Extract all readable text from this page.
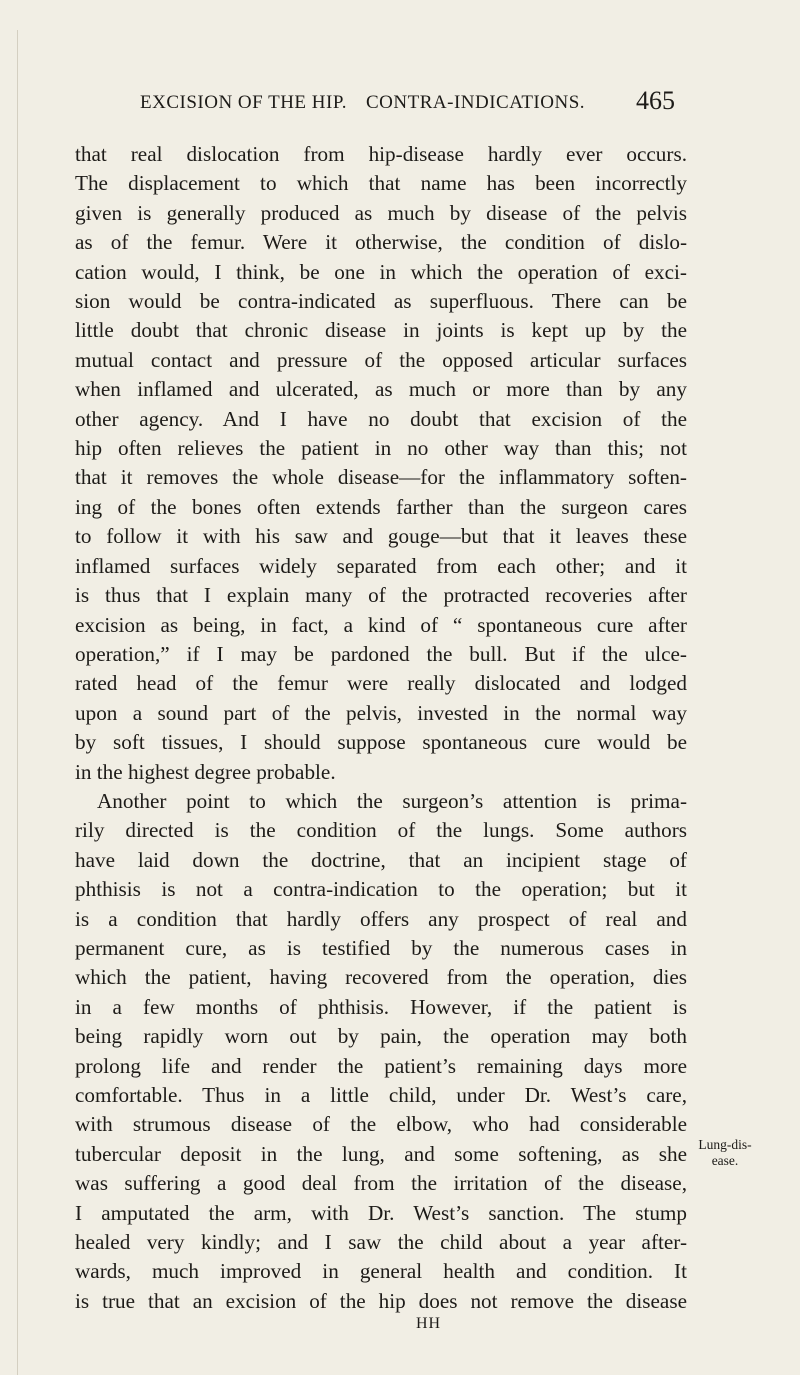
EXCISION OF THE HIP. CONTRA-INDICATIONS. 465

that real dislocation from hip-disease hardly ever occurs.
The displacement to which that name has been incorrectly
given is generally produced as much by disease of the pelvis
as of the femur. Were it otherwise, the condition of dislo-
cation would, I think, be one in which the operation of exci-
sion would be contra-indicated as superfluous. There can be
little doubt that chronic disease in joints is kept up by the
mutual contact and pressure of the opposed articular surfaces
when inflamed and ulcerated, as much or more than by any
other agency. And I have no doubt that excision of the
hip often relieves the patient in no other way than this; not
that it removes the whole disease—for the inflammatory soften-
ing of the bones often extends farther than the surgeon cares
to follow it with his saw and gouge—but that it leaves these
inflamed surfaces widely separated from each other; and it
is thus that I explain many of the protracted recoveries after
excision as being, in fact, a kind of “ spontaneous cure after
operation,” if I may be pardoned the bull. But if the ulce-
rated head of the femur were really dislocated and lodged
upon a sound part of the pelvis, invested in the normal way
by soft tissues, I should suppose spontaneous cure would be
in the highest degree probable.

Another point to which the surgeon’s attention is prima-
rily directed is the condition of the lungs. Some authors
have laid down the doctrine, that an incipient stage of
phthisis is not a contra-indication to the operation; but it
is a condition that hardly offers any prospect of real and
permanent cure, as is testified by the numerous cases in
which the patient, having recovered from the operation, dies
in a few months of phthisis. However, if the patient is
being rapidly worn out by pain, the operation may both
prolong life and render the patient’s remaining days more
comfortable. Thus in a little child, under Dr. West’s care,
with strumous disease of the elbow, who had considerable
tubercular deposit in the lung, and some softening, as she
was suffering a good deal from the irritation of the disease,
I amputated the arm, with Dr. West’s sanction. The stump
healed very kindly; and I saw the child about a year after-
wards, much improved in general health and condition. It
is true that an excision of the hip does not remove the disease

Lung-dis-
ease.
HH
